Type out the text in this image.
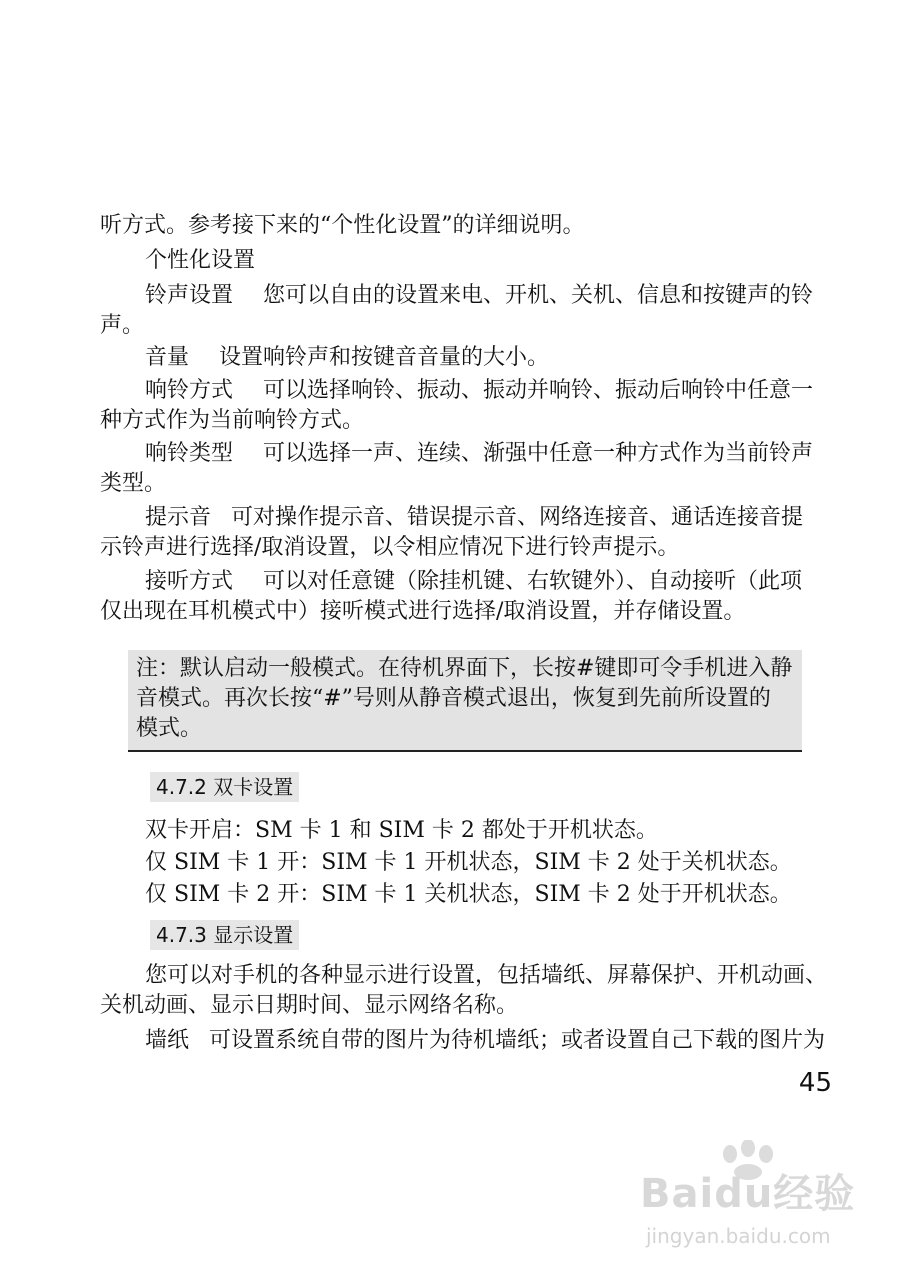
听方式。参考接下来的“个性化设置”的详细说明。
个性化设置
铃声设置 您可以自由的设置来电、开机、关机、信息和按键声的铃
声。
音量 设置响铃声和按键音音量的大小。
响铃方式 可以选择响铃、振动、振动并响铃、振动后响铃中任意一
种方式作为当前响铃方式。
响铃类型 可以选择一声、连续、渐强中任意一种方式作为当前铃声
类型。
提示音 可对操作提示音、错误提示音、网络连接音、通话连接音提
示铃声进行选择/取消设置，以令相应情况下进行铃声提示。
接听方式 可以对任意键（除挂机键、右软键外）、自动接听（此项
仅出现在耳机模式中）接听模式进行选择/取消设置，并存储设置。
注：默认启动一般模式。在待机界面下，长按#键即可令手机进入静
音模式。再次长按“#”号则从静音模式退出，恢复到先前所设置的
模式。
4.7.2 双卡设置
双卡开启：SM 卡 1 和 SIM 卡 2 都处于开机状态。
仅 SIM 卡 1 开：SIM 卡 1 开机状态，SIM 卡 2 处于关机状态。
仅 SIM 卡 2 开：SIM 卡 1 关机状态，SIM 卡 2 处于开机状态。
4.7.3 显示设置
您可以对手机的各种显示进行设置，包括墙纸、屏幕保护、开机动画、
关机动画、显示日期时间、显示网络名称。
墙纸 可设置系统自带的图片为待机墙纸；或者设置自己下载的图片为
45
Baidu经验
jingyan.baidu.com
